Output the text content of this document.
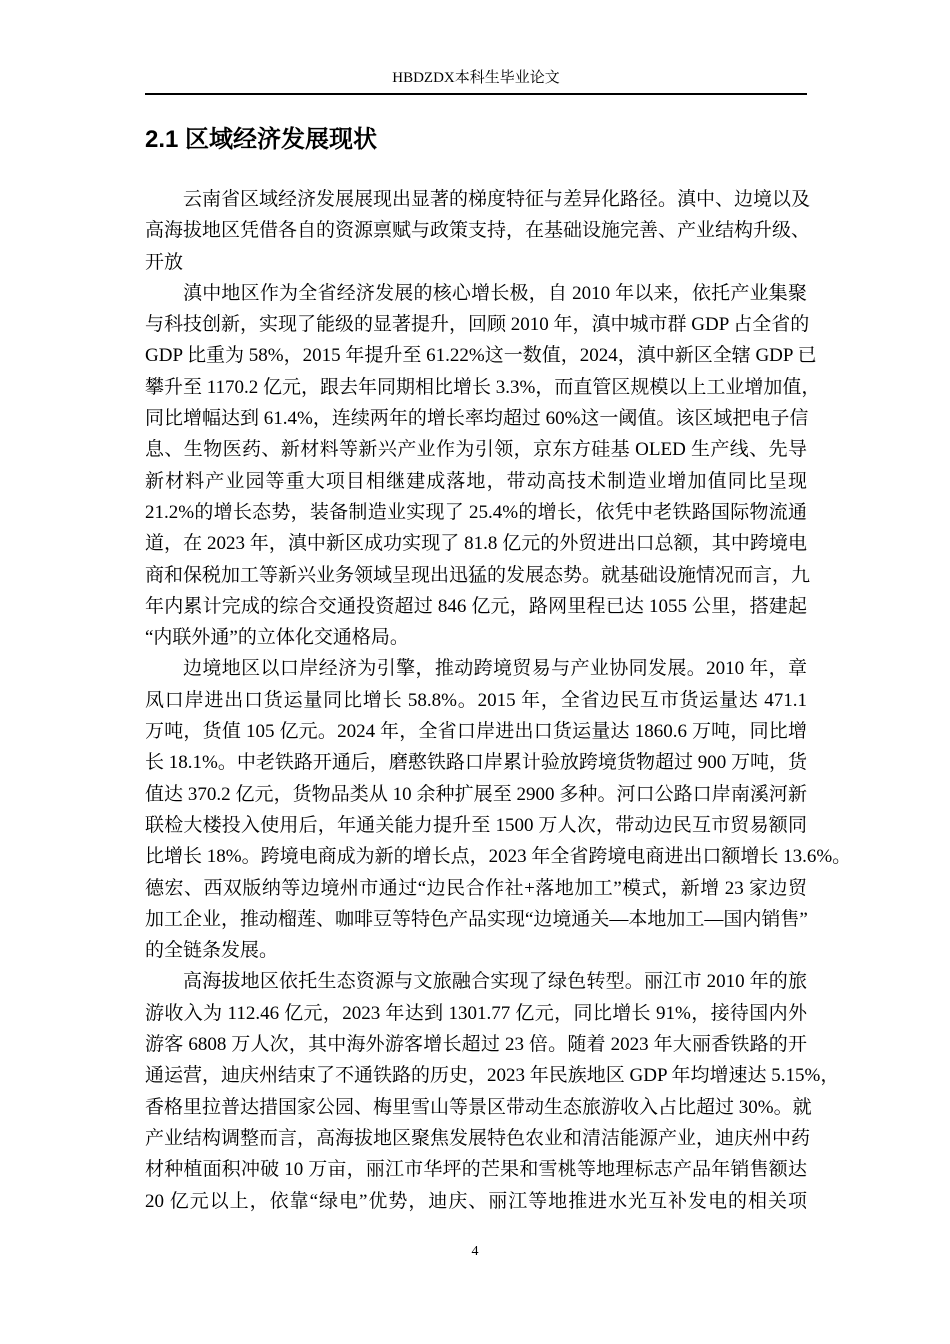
HBDZDX本科生毕业论文
2.1 区域经济发展现状
云南省区域经济发展展现出显著的梯度特征与差异化路径。滇中、边境以及
高海拔地区凭借各自的资源禀赋与政策支持，在基础设施完善、产业结构升级、
开放
滇中地区作为全省经济发展的核心增长极，自 2010 年以来，依托产业集聚
与科技创新，实现了能级的显著提升，回顾 2010 年，滇中城市群 GDP 占全省的
GDP 比重为 58%，2015 年提升至 61.22%这一数值，2024，滇中新区全辖 GDP 已
攀升至 1170.2 亿元，跟去年同期相比增长 3.3%，而直管区规模以上工业增加值，
同比增幅达到 61.4%，连续两年的增长率均超过 60%这一阈值。该区域把电子信
息、生物医药、新材料等新兴产业作为引领，京东方硅基 OLED 生产线、先导
新材料产业园等重大项目相继建成落地，带动高技术制造业增加值同比呈现
21.2%的增长态势，装备制造业实现了 25.4%的增长，依凭中老铁路国际物流通
道，在 2023 年，滇中新区成功实现了 81.8 亿元的外贸进出口总额，其中跨境电
商和保税加工等新兴业务领域呈现出迅猛的发展态势。就基础设施情况而言，九
年内累计完成的综合交通投资超过 846 亿元，路网里程已达 1055 公里，搭建起
“内联外通”的立体化交通格局。
边境地区以口岸经济为引擎，推动跨境贸易与产业协同发展。2010 年，章
凤口岸进出口货运量同比增长 58.8%。2015 年，全省边民互市货运量达 471.1
万吨，货值 105 亿元。2024 年，全省口岸进出口货运量达 1860.6 万吨，同比增
长 18.1%。中老铁路开通后，磨憨铁路口岸累计验放跨境货物超过 900 万吨，货
值达 370.2 亿元，货物品类从 10 余种扩展至 2900 多种。河口公路口岸南溪河新
联检大楼投入使用后，年通关能力提升至 1500 万人次，带动边民互市贸易额同
比增长 18%。跨境电商成为新的增长点，2023 年全省跨境电商进出口额增长 13.6%。
德宏、西双版纳等边境州市通过“边民合作社+落地加工”模式，新增 23 家边贸
加工企业，推动榴莲、咖啡豆等特色产品实现“边境通关—本地加工—国内销售”
的全链条发展。
高海拔地区依托生态资源与文旅融合实现了绿色转型。丽江市 2010 年的旅
游收入为 112.46 亿元，2023 年达到 1301.77 亿元，同比增长 91%，接待国内外
游客 6808 万人次，其中海外游客增长超过 23 倍。随着 2023 年大丽香铁路的开
通运营，迪庆州结束了不通铁路的历史，2023 年民族地区 GDP 年均增速达 5.15%，
香格里拉普达措国家公园、梅里雪山等景区带动生态旅游收入占比超过 30%。就
产业结构调整而言，高海拔地区聚焦发展特色农业和清洁能源产业，迪庆州中药
材种植面积冲破 10 万亩，丽江市华坪的芒果和雪桃等地理标志产品年销售额达
20 亿元以上，依靠“绿电”优势，迪庆、丽江等地推进水光互补发电的相关项
4
